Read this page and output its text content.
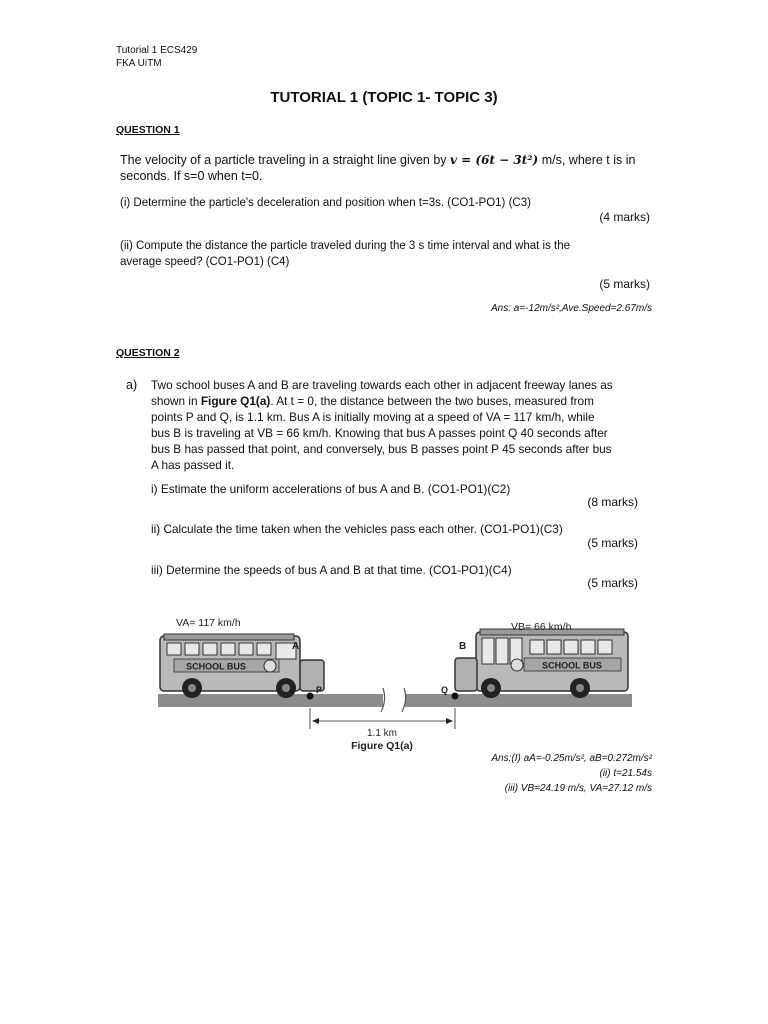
Tutorial 1 ECS429
FKA UiTM
TUTORIAL 1 (TOPIC 1- TOPIC 3)
QUESTION 1
The velocity of a particle traveling in a straight line given by v = (6t − 3t²) m/s, where t is in
seconds. If s=0 when t=0.
(i) Determine the particle's deceleration and position when t=3s. (CO1-PO1) (C3)
(4 marks)
(ii) Compute the distance the particle traveled during the 3 s time interval and what is the
average speed? (CO1-PO1) (C4)
(5 marks)
Ans: a=-12m/s²,Ave.Speed=2.67m/s
QUESTION 2
a) Two school buses A and B are traveling towards each other in adjacent freeway lanes as
shown in Figure Q1(a). At t = 0, the distance between the two buses, measured from
points P and Q, is 1.1 km. Bus A is initially moving at a speed of VA = 117 km/h, while
bus B is traveling at VB = 66 km/h. Knowing that bus A passes point Q 40 seconds after
bus B has passed that point, and conversely, bus B passes point P 45 seconds after bus
A has passed it.
i) Estimate the uniform accelerations of bus A and B. (CO1-PO1)(C2)
(8 marks)
ii) Calculate the time taken when the vehicles pass each other. (CO1-PO1)(C3)
(5 marks)
iii) Determine the speeds of bus A and B at that time. (CO1-PO1)(C4)
(5 marks)
SCHOOL BUS
A
VA= 117 km/h
SCHOOL BUS
B
VB= 66 km/h
P	Q
1.1 km
Figure Q1(a)
Ans:(I) aA=-0.25m/s², aB=0.272m/s²
(ii) t=21.54s
(iii) VB=24.19 m/s, VA=27.12 m/s
